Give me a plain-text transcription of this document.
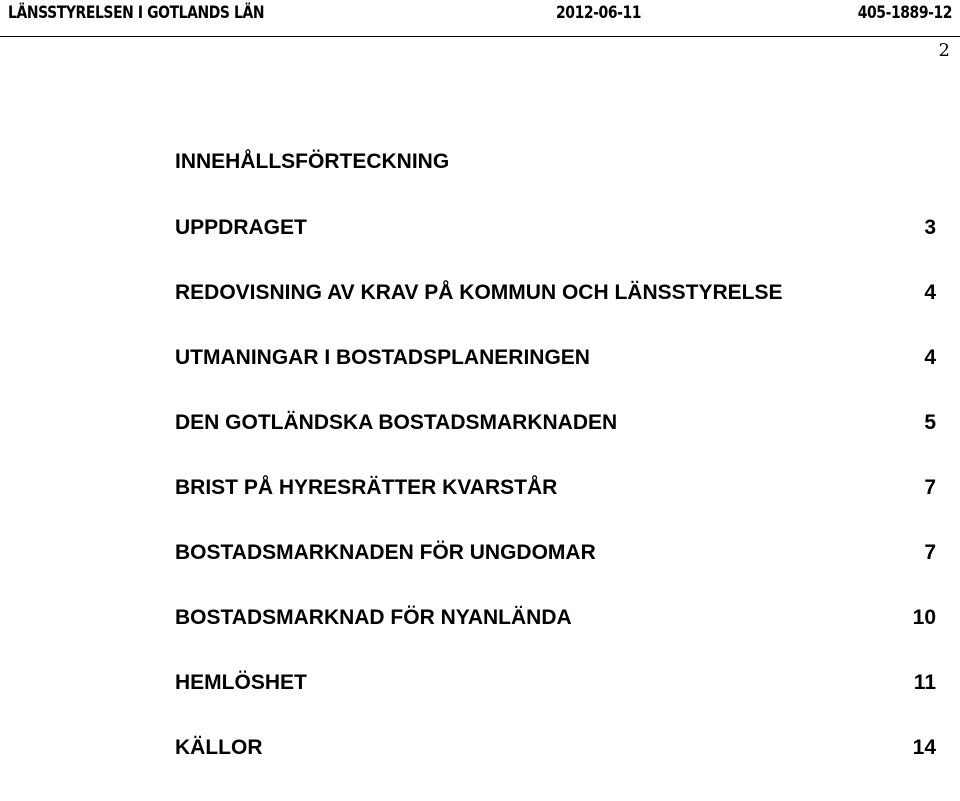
LÄNSSTYRELSEN I GOTLANDS LÄN	2012-06-11	405-1889-12
2
INNEHÅLLSFÖRTECKNING
UPPDRAGET	3
REDOVISNING AV KRAV PÅ KOMMUN OCH LÄNSSTYRELSE	4
UTMANINGAR I BOSTADSPLANERINGEN	4
DEN GOTLÄNDSKA BOSTADSMARKNADEN	5
BRIST PÅ HYRESRÄTTER KVARSTÅR	7
BOSTADSMARKNADEN FÖR UNGDOMAR	7
BOSTADSMARKNAD FÖR NYANLÄNDA	10
HEMLÖSHET	11
KÄLLOR	14
